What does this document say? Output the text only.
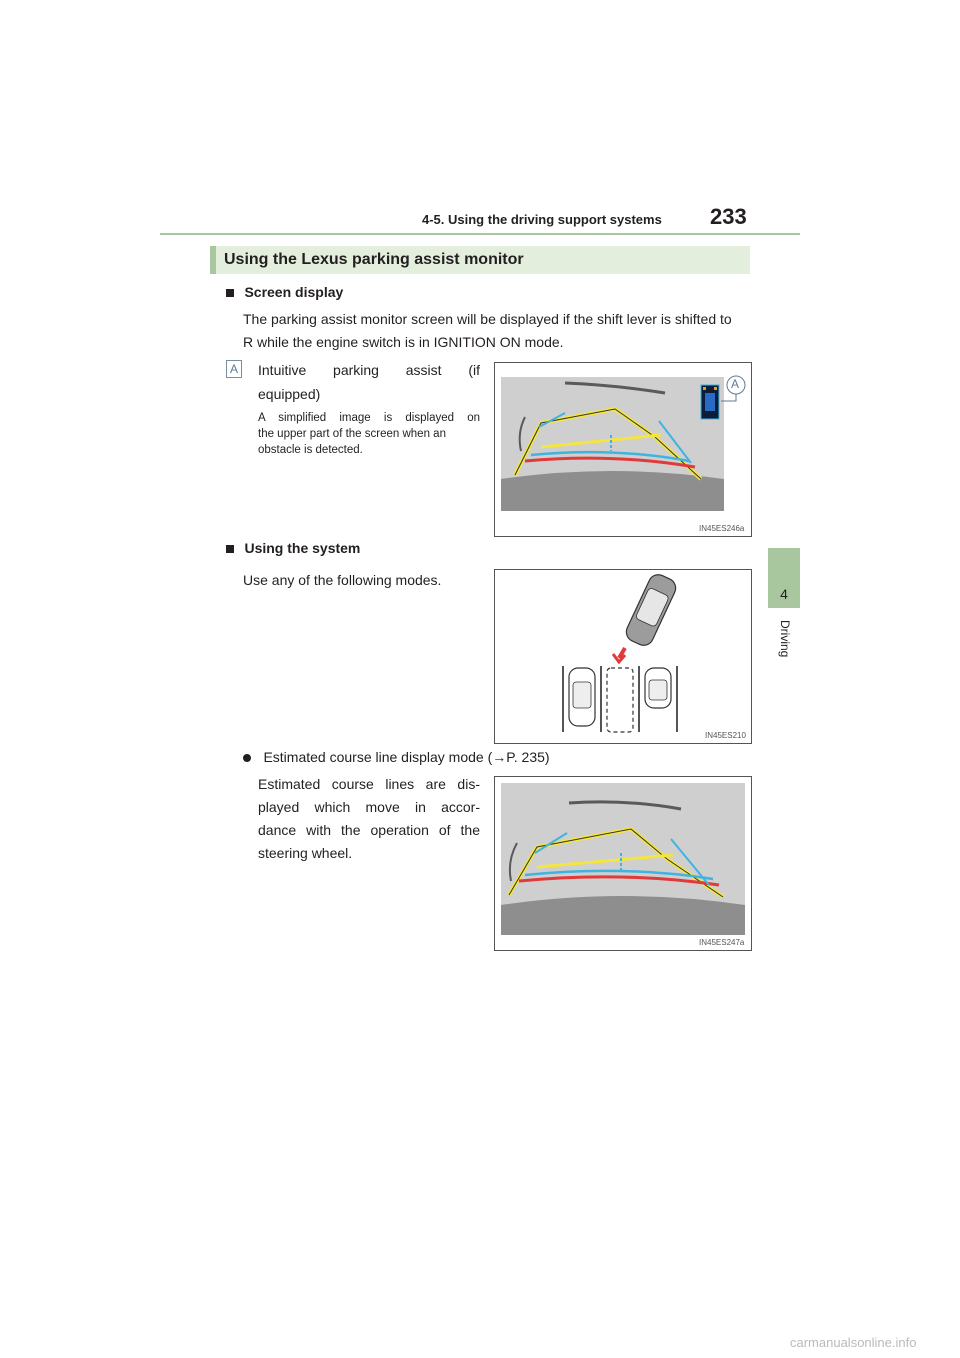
4-5. Using the driving support systems 233
4
Driving
Using the Lexus parking assist monitor
Screen display
The parking assist monitor screen will be displayed if the shift lever is shifted to
R while the engine switch is in IGNITION ON mode.
A Intuitive parking assist (if
equipped)
A simplified image is displayed on
the upper part of the screen when an
obstacle is detected.
A
IN45ES246a
Using the system
Use any of the following modes.
IN45ES210
Estimated course line display mode (→P. 235)
Estimated course lines are dis-
played which move in accor-
dance with the operation of the
steering wheel.
IN45ES247a
carmanualsonline.info
